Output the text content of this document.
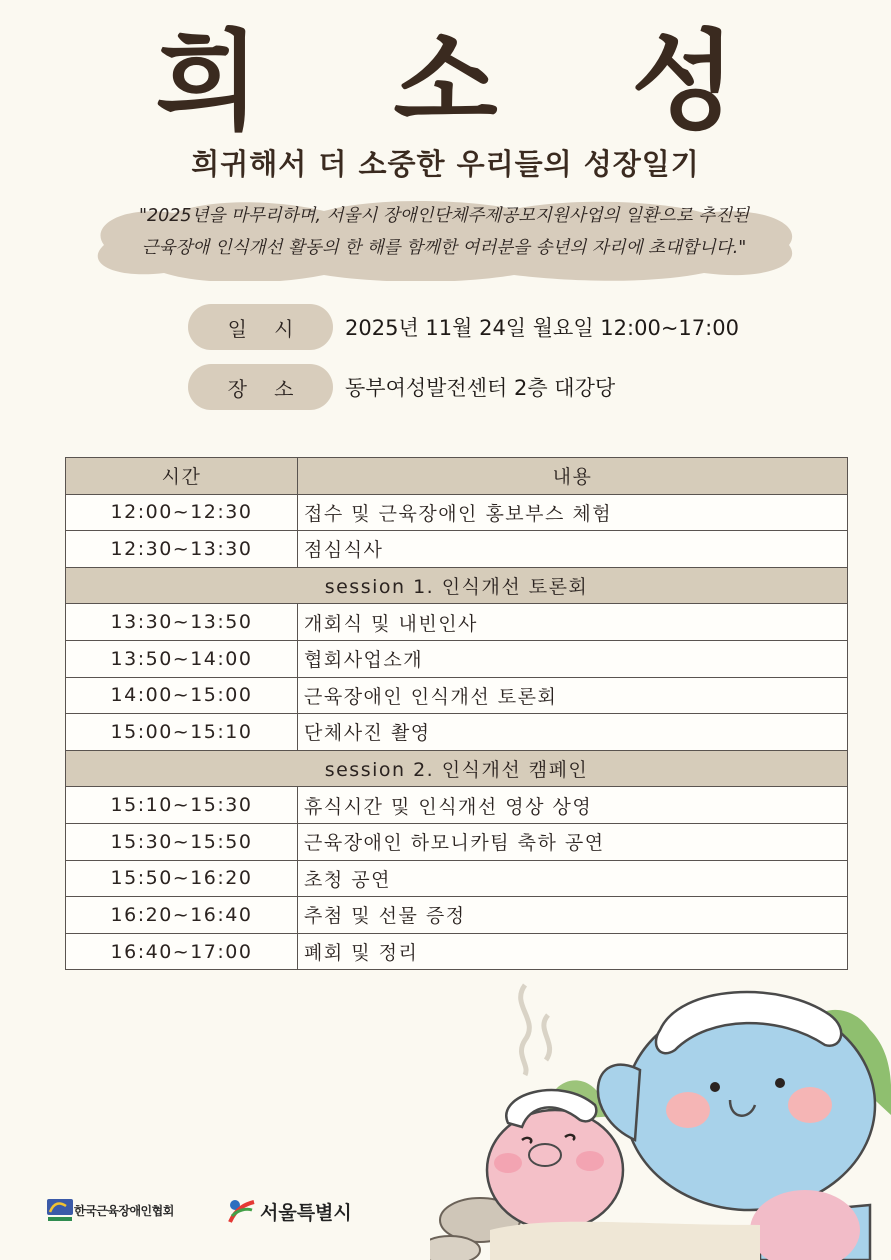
희 소 성
희귀해서 더 소중한 우리들의 성장일기
"2025년을 마무리하며, 서울시 장애인단체주제공모지원사업의 일환으로 추진된
근육장애 인식개선 활동의 한 해를 함께한 여러분을 송년의 자리에 초대합니다."
일 시 2025년 11월 24일 월요일 12:00~17:00
장 소 동부여성발전센터 2층 대강당
시간	내용
12:00~12:30	접수 및 근육장애인 홍보부스 체험
12:30~13:30	점심식사
session 1. 인식개선 토론회	
13:30~13:50	개회식 및 내빈인사
13:50~14:00	협회사업소개
14:00~15:00	근육장애인 인식개선 토론회
15:00~15:10	단체사진 촬영
session 2. 인식개선 캠페인	
15:10~15:30	휴식시간 및 인식개선 영상 상영
15:30~15:50	근육장애인 하모니카팀 축하 공연
15:50~16:20	초청 공연
16:20~16:40	추첨 및 선물 증정
16:40~17:00	폐회 및 정리
한국근육장애인협회	서울특별시
